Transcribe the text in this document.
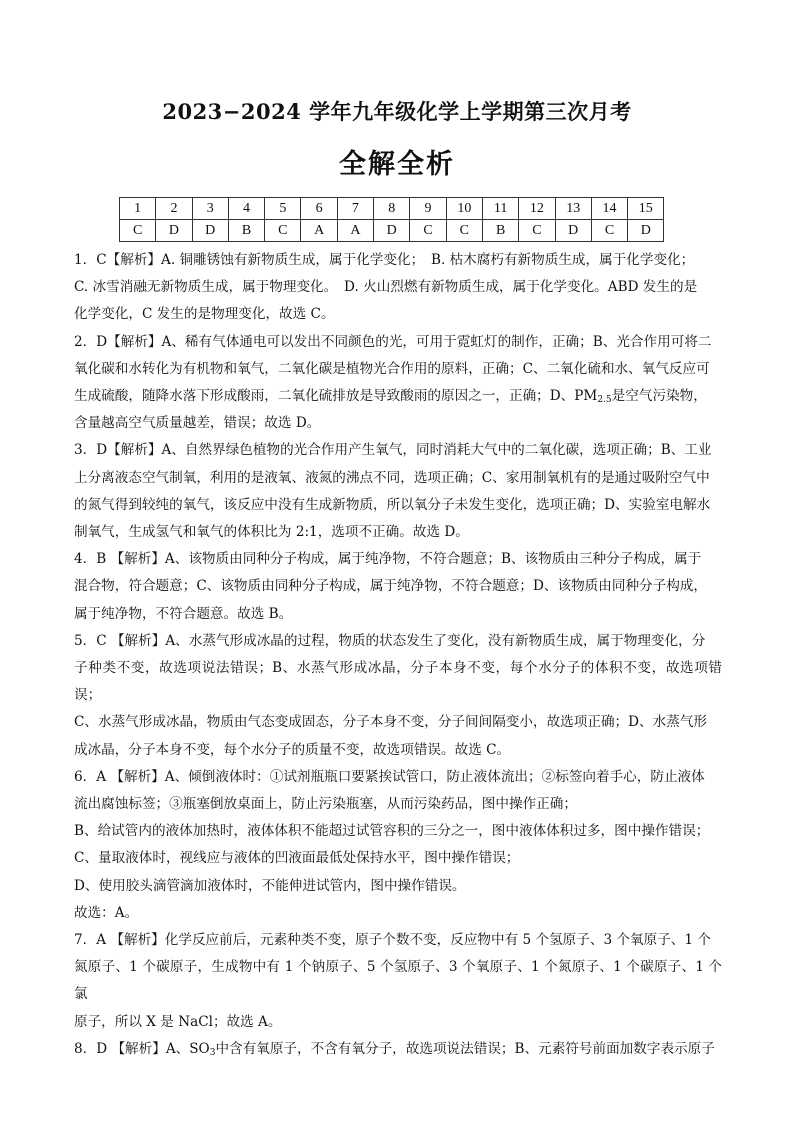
2023−2024 学年九年级化学上学期第三次月考
全解全析
1	2	3	4	5	6	7	8	9	10	11	12	13	14	15
C	D	D	B	C	A	A	D	C	C	B	C	D	C	D

1．C【解析】A. 铜雕锈蚀有新物质生成，属于化学变化；　B. 枯木腐朽有新物质生成，属于化学变化；

C. 冰雪消融无新物质生成，属于物理变化。　D. 火山烈燃有新物质生成，属于化学变化。ABD 发生的是

化学变化，C 发生的是物理变化，故选 C。

2．D【解析】A、稀有气体通电可以发出不同颜色的光，可用于霓虹灯的制作，正确；B、光合作用可将二

氧化碳和水转化为有机物和氧气，二氧化碳是植物光合作用的原料，正确；C、二氧化硫和水、氧气反应可

生成硫酸，随降水落下形成酸雨，二氧化硫排放是导致酸雨的原因之一，正确；D、$PM_{2.5}$是空气污染物，

含量越高空气质量越差，错误；故选 D。

3．D【解析】A、自然界绿色植物的光合作用产生氧气，同时消耗大气中的二氧化碳，选项正确；B、工业

上分离液态空气制氧，利用的是液氧、液氮的沸点不同，选项正确；C、家用制氧机有的是通过吸附空气中

的氮气得到较纯的氧气，该反应中没有生成新物质，所以氧分子未发生变化，选项正确；D、实验室电解水

制氧气，生成氢气和氧气的体积比为 2:1，选项不正确。故选 D。

4．B 【解析】A、该物质由同种分子构成，属于纯净物，不符合题意；B、该物质由三种分子构成，属于

混合物，符合题意；C、该物质由同种分子构成，属于纯净物，不符合题意；D、该物质由同种分子构成，

属于纯净物，不符合题意。故选 B。

5．C 【解析】A、水蒸气形成冰晶的过程，物质的状态发生了变化，没有新物质生成，属于物理变化，分

子种类不变，故选项说法错误；B、水蒸气形成冰晶，分子本身不变，每个水分子的体积不变，故选项错误；

C、水蒸气形成冰晶，物质由气态变成固态，分子本身不变，分子间间隔变小，故选项正确；D、水蒸气形

成冰晶，分子本身不变，每个水分子的质量不变，故选项错误。故选 C。

6．A 【解析】A、倾倒液体时：①试剂瓶瓶口要紧挨试管口，防止液体流出；②标签向着手心，防止液体

流出腐蚀标签；③瓶塞倒放桌面上，防止污染瓶塞，从而污染药品，图中操作正确；

B、给试管内的液体加热时，液体体积不能超过试管容积的三分之一，图中液体体积过多，图中操作错误；

C、量取液体时，视线应与液体的凹液面最低处保持水平，图中操作错误；

D、使用胶头滴管滴加液体时，不能伸进试管内，图中操作错误。

故选：A。

7．A 【解析】化学反应前后，元素种类不变，原子个数不变，反应物中有 5 个氢原子、3 个氧原子、1 个

氮原子、1 个碳原子，生成物中有 1 个钠原子、5 个氢原子、3 个氧原子、1 个氮原子、1 个碳原子、1 个氯

原子，所以 X 是 NaCl；故选 A。

8．D 【解析】A、$SO_3$中含有氧原子，不含有氧分子，故选项说法错误；B、元素符号前面加数字表示原子
